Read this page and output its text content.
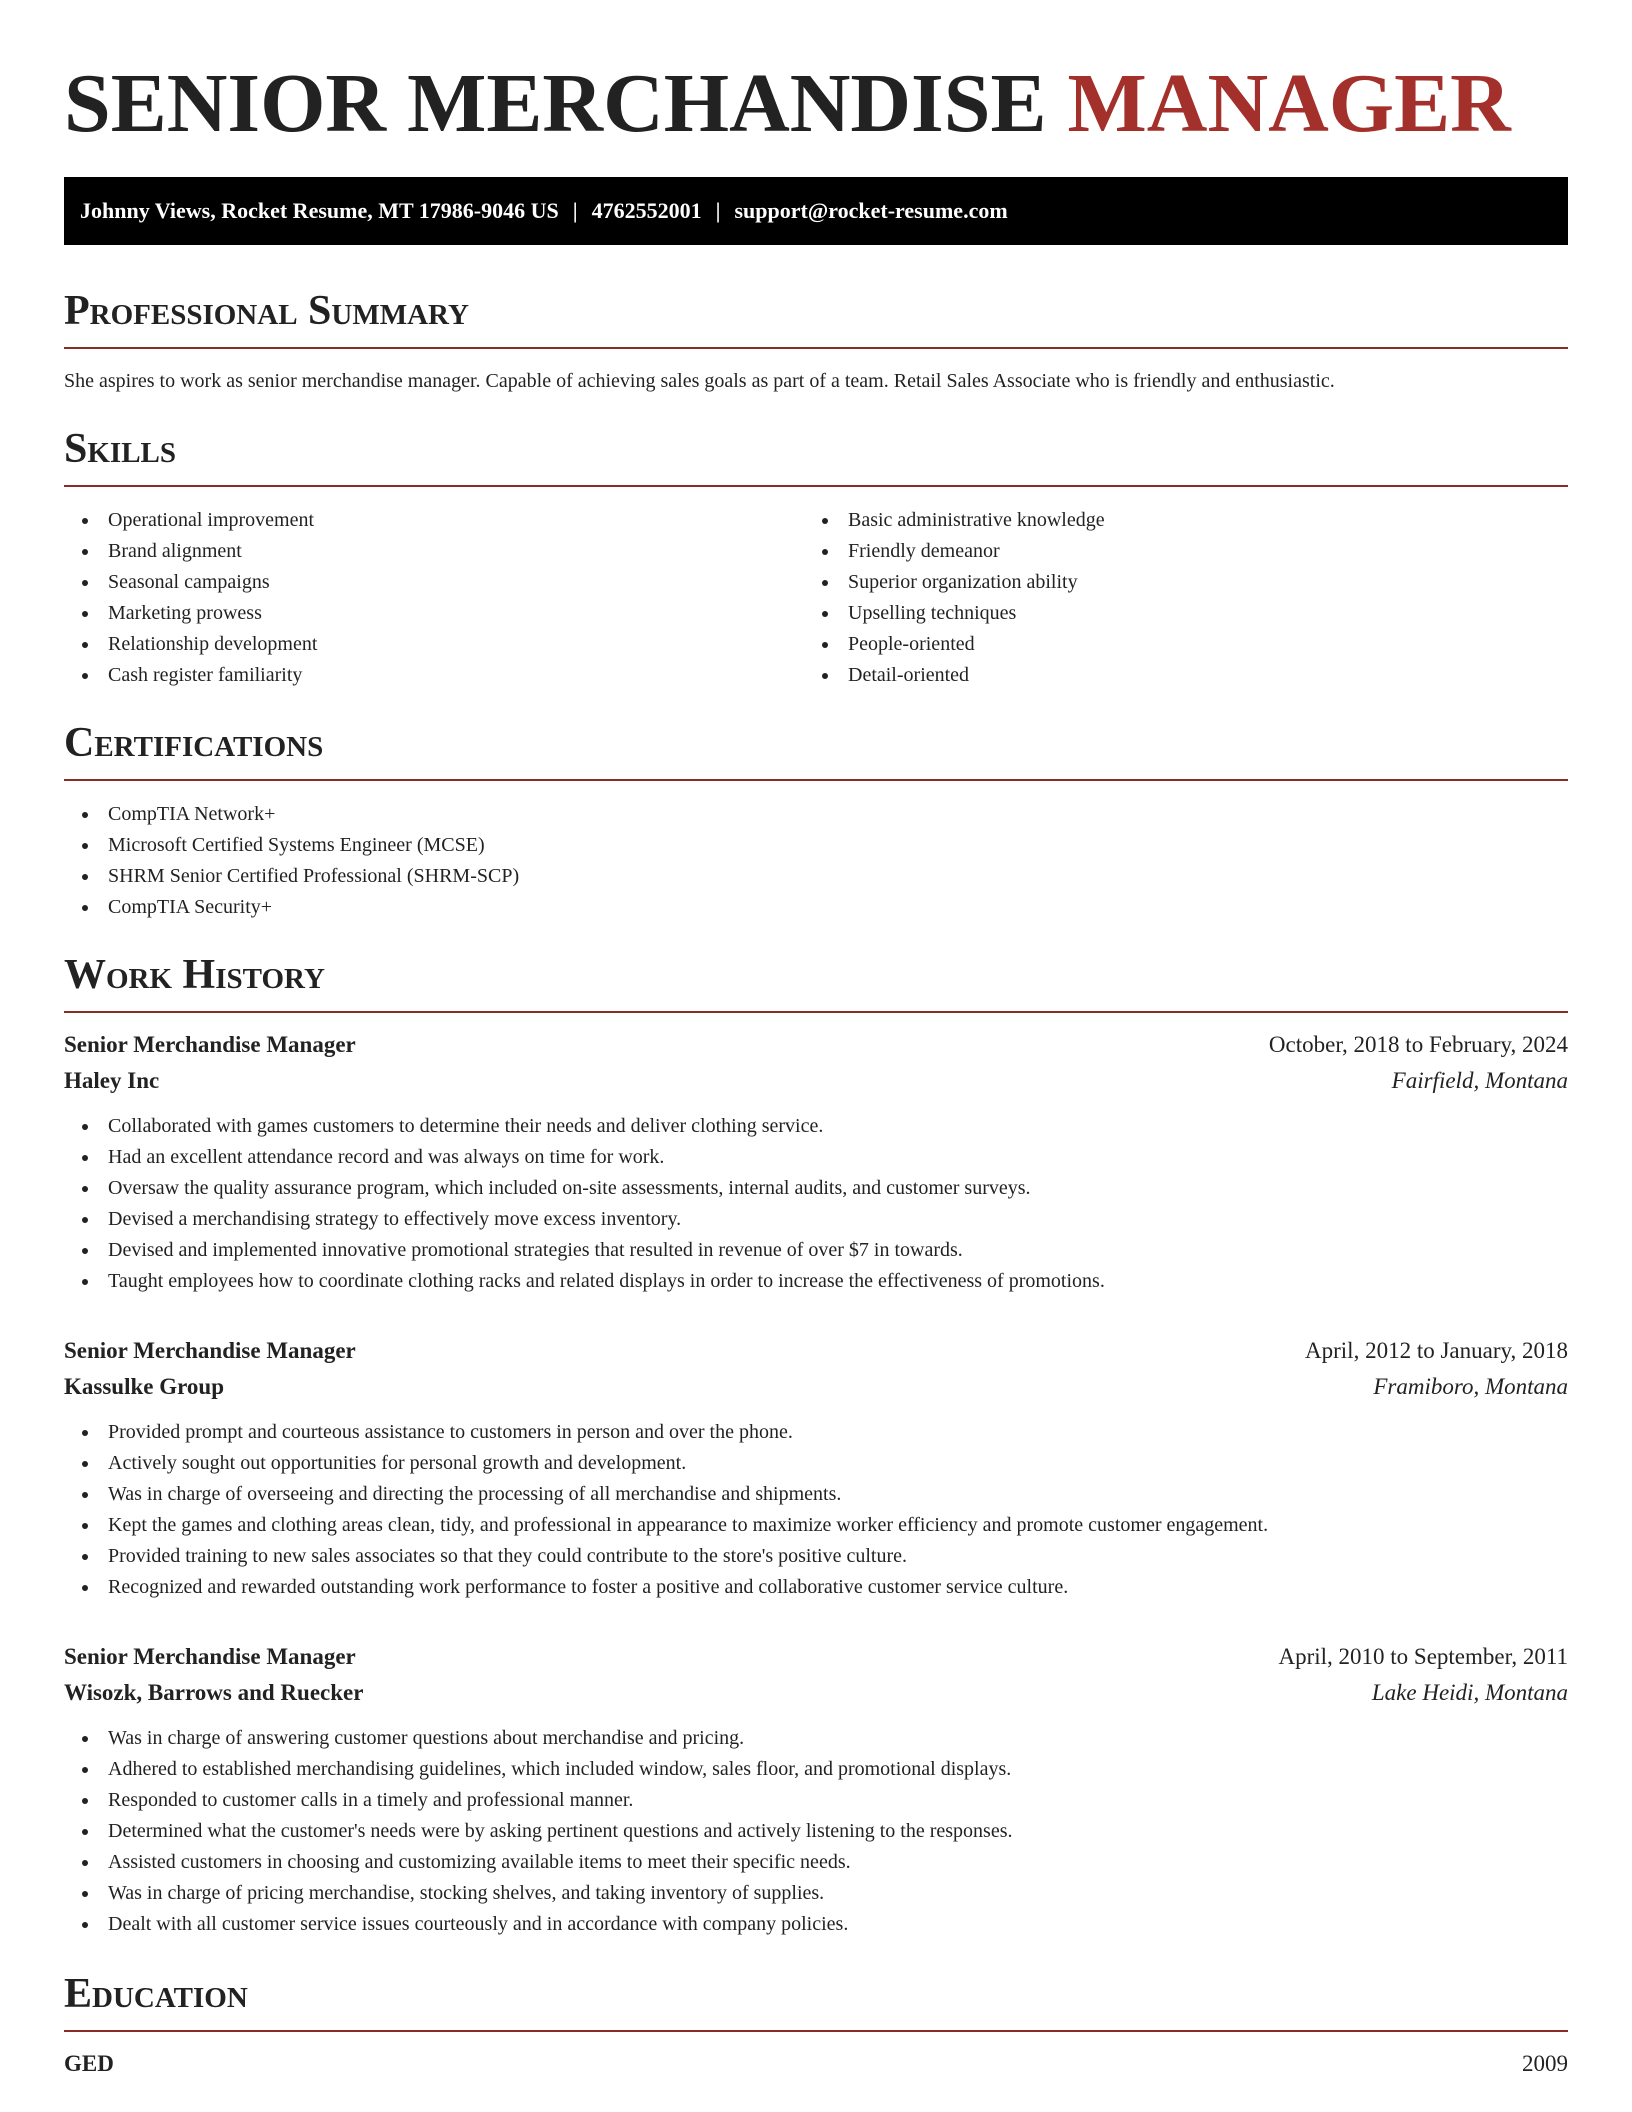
SENIOR MERCHANDISE MANAGER
Johnny Views, Rocket Resume, MT 17986-9046 US | 4762552001 | support@rocket-resume.com
Professional Summary

She aspires to work as senior merchandise manager. Capable of achieving sales goals as part of a team. Retail Sales Associate who is friendly and enthusiastic.

Skills
Operational improvement
Brand alignment
Seasonal campaigns
Marketing prowess
Relationship development
Cash register familiarity
Basic administrative knowledge
Friendly demeanor
Superior organization ability
Upselling techniques
People-oriented
Detail-oriented
Certifications
CompTIA Network+
Microsoft Certified Systems Engineer (MCSE)
SHRM Senior Certified Professional (SHRM-SCP)
CompTIA Security+
Work History
Senior Merchandise Manager	October, 2018 to February, 2024
Haley Inc	Fairfield, Montana
Collaborated with games customers to determine their needs and deliver clothing service.
Had an excellent attendance record and was always on time for work.
Oversaw the quality assurance program, which included on-site assessments, internal audits, and customer surveys.
Devised a merchandising strategy to effectively move excess inventory.
Devised and implemented innovative promotional strategies that resulted in revenue of over $7 in towards.
Taught employees how to coordinate clothing racks and related displays in order to increase the effectiveness of promotions.
Senior Merchandise Manager	April, 2012 to January, 2018
Kassulke Group	Framiboro, Montana
Provided prompt and courteous assistance to customers in person and over the phone.
Actively sought out opportunities for personal growth and development.
Was in charge of overseeing and directing the processing of all merchandise and shipments.
Kept the games and clothing areas clean, tidy, and professional in appearance to maximize worker efficiency and promote customer engagement.
Provided training to new sales associates so that they could contribute to the store's positive culture.
Recognized and rewarded outstanding work performance to foster a positive and collaborative customer service culture.
Senior Merchandise Manager	April, 2010 to September, 2011
Wisozk, Barrows and Ruecker	Lake Heidi, Montana
Was in charge of answering customer questions about merchandise and pricing.
Adhered to established merchandising guidelines, which included window, sales floor, and promotional displays.
Responded to customer calls in a timely and professional manner.
Determined what the customer's needs were by asking pertinent questions and actively listening to the responses.
Assisted customers in choosing and customizing available items to meet their specific needs.
Was in charge of pricing merchandise, stocking shelves, and taking inventory of supplies.
Dealt with all customer service issues courteously and in accordance with company policies.
Education
GED	2009
